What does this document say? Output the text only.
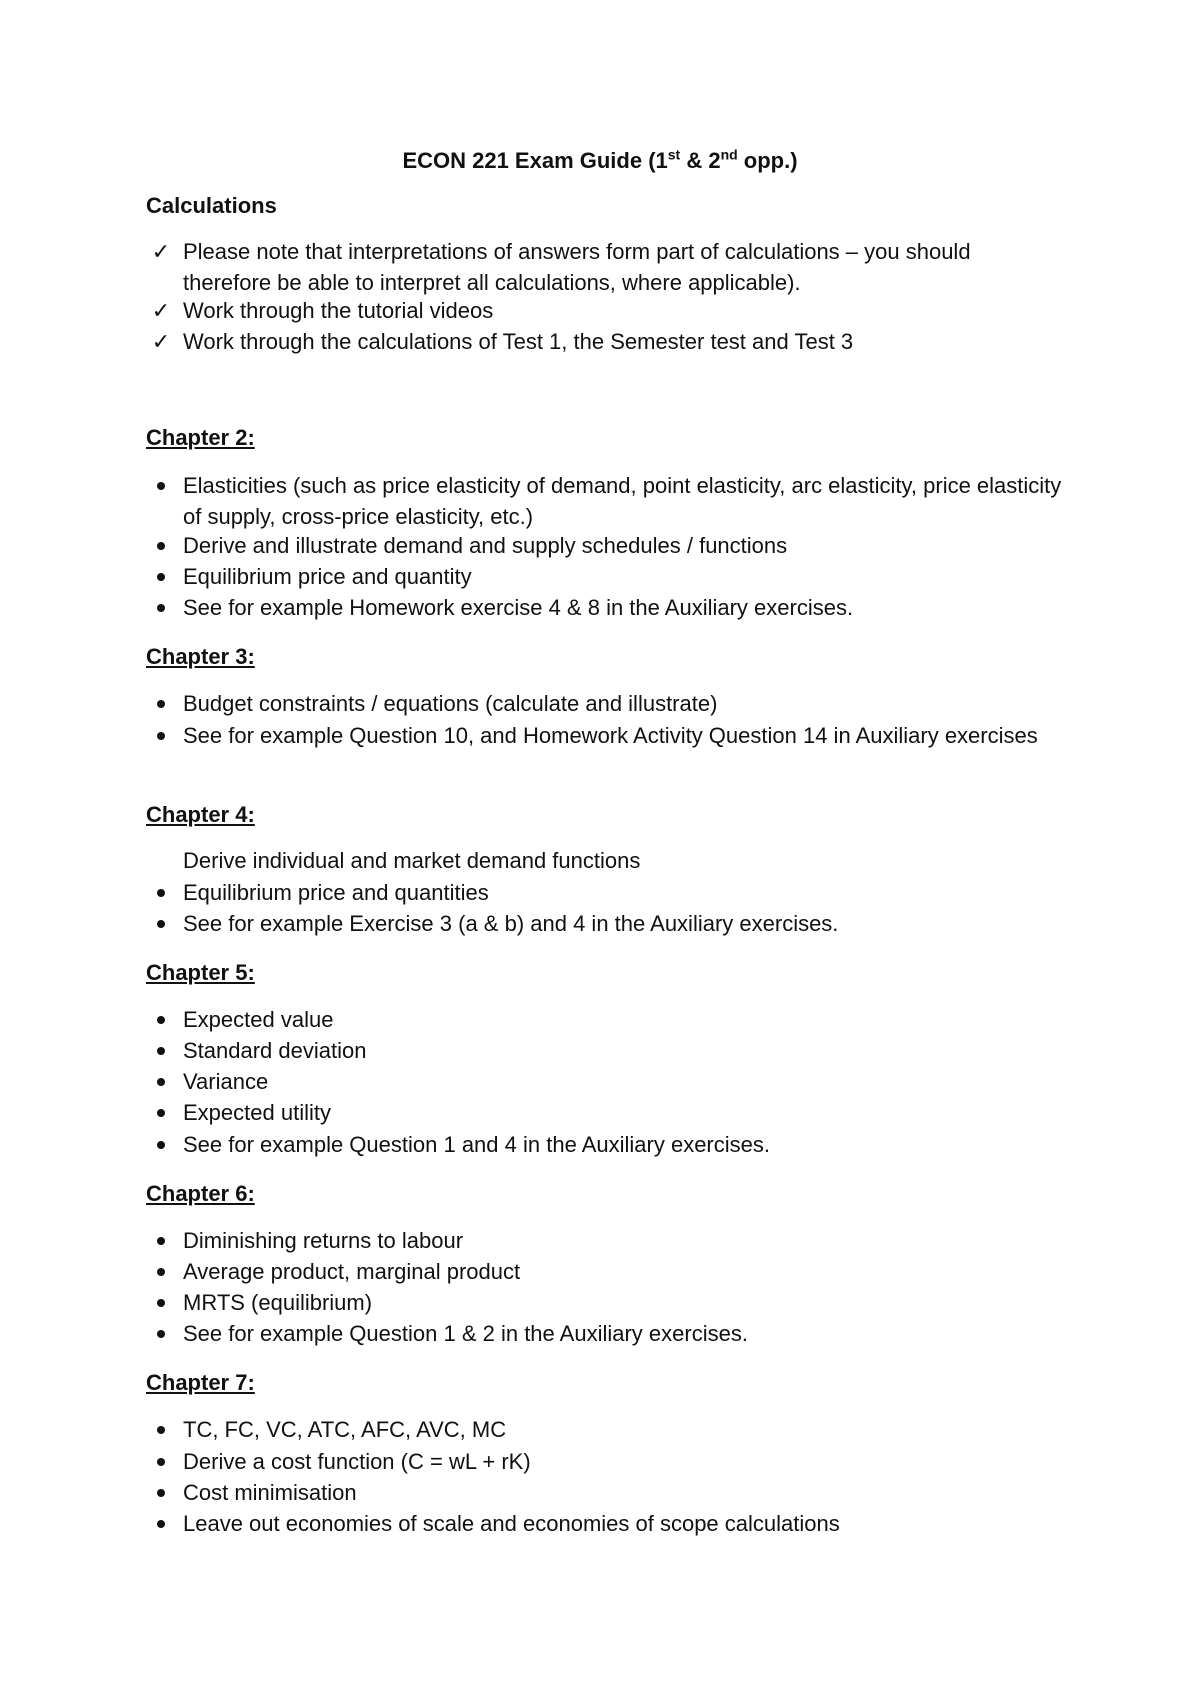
ECON 221 Exam Guide (1st & 2nd opp.)
Calculations
✓ Please note that interpretations of answers form part of calculations – you should therefore be able to interpret all calculations, where applicable).
✓ Work through the tutorial videos
✓ Work through the calculations of Test 1, the Semester test and Test 3
Chapter 2:
Elasticities (such as price elasticity of demand, point elasticity, arc elasticity, price elasticity of supply, cross-price elasticity, etc.)
Derive and illustrate demand and supply schedules / functions
Equilibrium price and quantity
See for example Homework exercise 4 & 8 in the Auxiliary exercises.
Chapter 3:
Budget constraints / equations (calculate and illustrate)
See for example Question 10, and Homework Activity Question 14 in Auxiliary exercises
Chapter 4:
Derive individual and market demand functions
Equilibrium price and quantities
See for example Exercise 3 (a & b) and 4 in the Auxiliary exercises.
Chapter 5:
Expected value
Standard deviation
Variance
Expected utility
See for example Question 1 and 4 in the Auxiliary exercises.
Chapter 6:
Diminishing returns to labour
Average product, marginal product
MRTS (equilibrium)
See for example Question 1 & 2 in the Auxiliary exercises.
Chapter 7:
TC, FC, VC, ATC, AFC, AVC, MC
Derive a cost function (C = wL + rK)
Cost minimisation
Leave out economies of scale and economies of scope calculations
